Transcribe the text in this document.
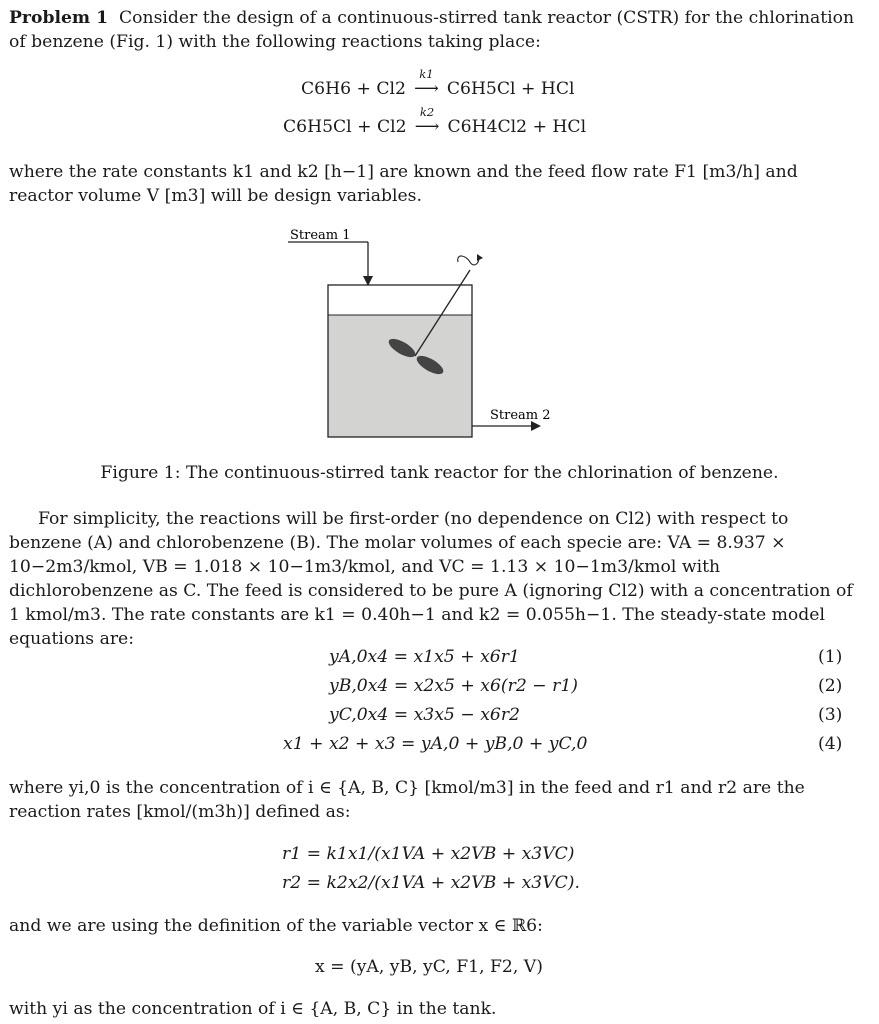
Problem 1 Consider the design of a continuous-stirred tank reactor (CSTR) for the chlorination of benzene (Fig. 1) with the following reactions taking place:
C6H6 + Cl2
k1
⟶ C6H5Cl + HCl
C6H5Cl + Cl2
k2
⟶ C6H4Cl2 + HCl
where the rate constants k1 and k2 [h−1] are known and the feed flow rate F1 [m3/h] and reactor volume V [m3] will be design variables.
Stream 1
Stream 2
Figure 1: The continuous-stirred tank reactor for the chlorination of benzene.
For simplicity, the reactions will be first-order (no dependence on Cl2) with respect to benzene (A) and chlorobenzene (B). The molar volumes of each specie are: VA = 8.937 × 10−2m3/kmol, VB = 1.018 × 10−1m3/kmol, and VC = 1.13 × 10−1m3/kmol with dichlorobenzene as C. The feed is considered to be pure A (ignoring Cl2) with a concentration of 1 kmol/m3. The rate constants are k1 = 0.40h−1 and k2 = 0.055h−1. The steady-state model equations are:
yA,0x4 = x1x5 + x6r1	(1)
yB,0x4 = x2x5 + x6(r2 − r1)	(2)
yC,0x4 = x3x5 − x6r2	(3)
x1 + x2 + x3 = yA,0 + yB,0 + yC,0	(4)
where yi,0 is the concentration of i ∈ {A, B, C} [kmol/m3] in the feed and r1 and r2 are the reaction rates [kmol/(m3h)] defined as:
r1 = k1x1/(x1VA + x2VB + x3VC)
r2 = k2x2/(x1VA + x2VB + x3VC).
and we are using the definition of the variable vector x ∈ ℝ6:
x = (yA, yB, yC, F1, F2, V)
with yi as the concentration of i ∈ {A, B, C} in the tank.
